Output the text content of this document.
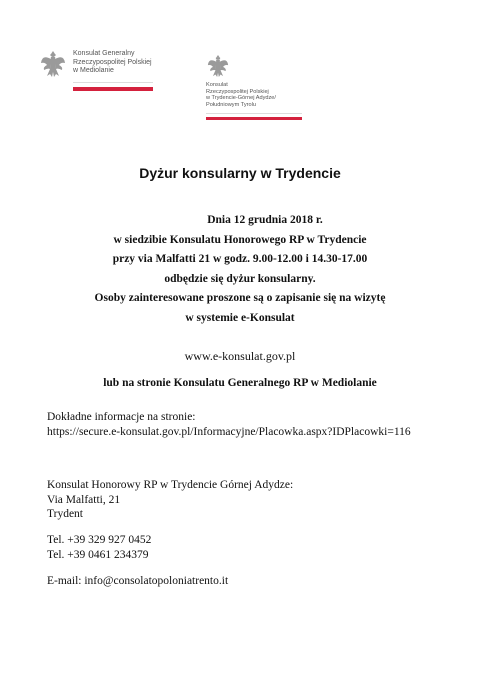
Konsulat Generalny
Rzeczypospolitej Polskiej
w Mediolanie
Konsulat
Rzeczypospolitej Polskiej
w Trydencie-Górnej Adydze/
Południowym Tyrolu
Dyżur konsularny w Trydencie
Dnia 12 grudnia 2018 r.
w siedzibie Konsulatu Honorowego RP w Trydencie
przy via Malfatti 21 w godz. 9.00-12.00 i 14.30-17.00
odbędzie się dyżur konsularny.
Osoby zainteresowane proszone są o zapisanie się na wizytę
w systemie e-Konsulat
www.e-konsulat.gov.pl
lub na stronie Konsulatu Generalnego RP w Mediolanie
Dokładne informacje na stronie:
https://secure.e-konsulat.gov.pl/Informacyjne/Placowka.aspx?IDPlacowki=116
Konsulat Honorowy RP w Trydencie Górnej Adydze:
Via Malfatti, 21
Trydent
Tel. +39 329 927 0452
Tel. +39 0461 234379
E-mail: info@consolatopoloniatrento.it
